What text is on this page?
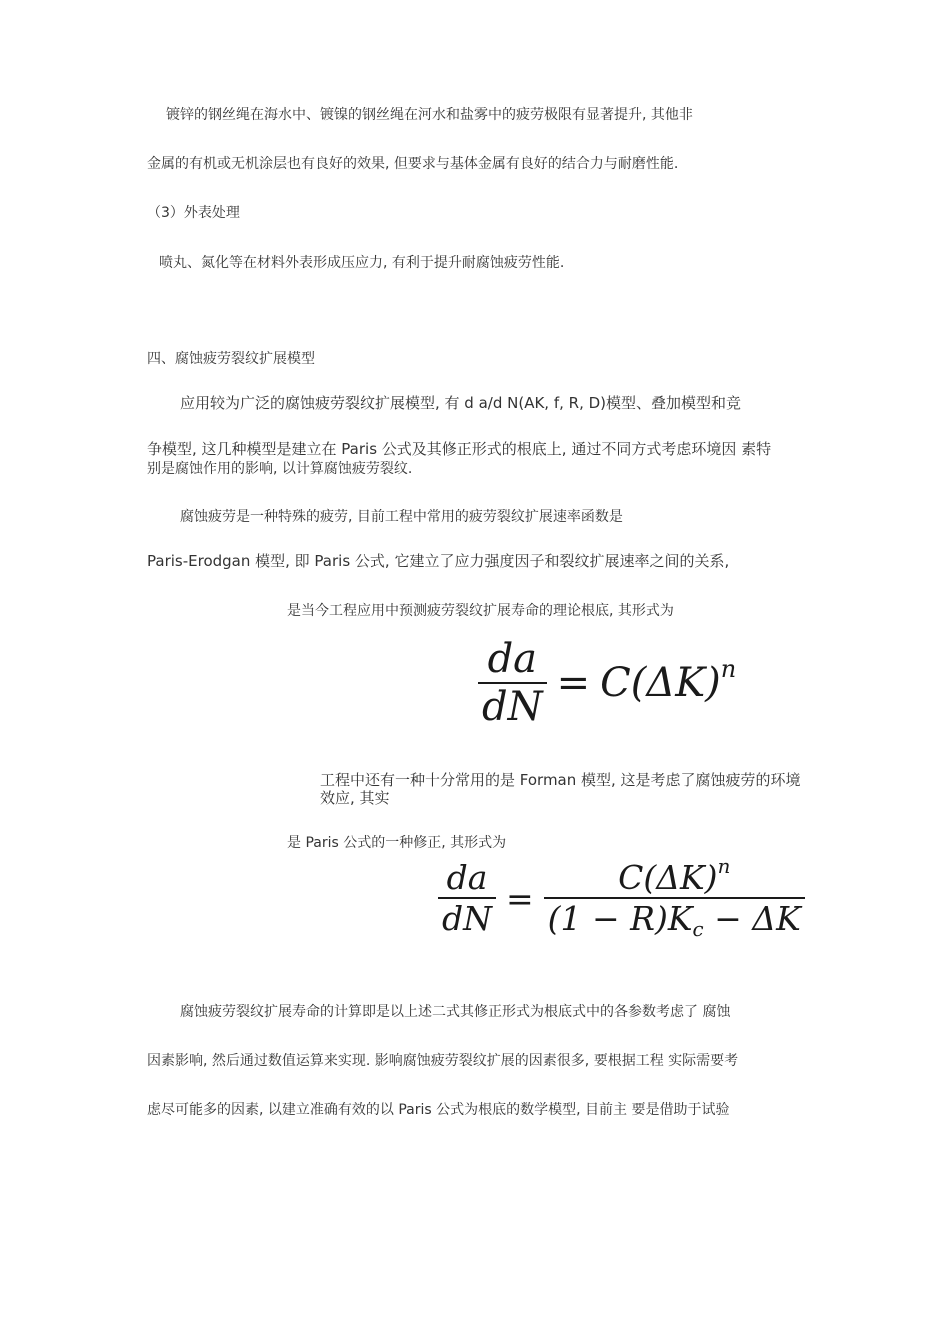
镀锌的钢丝绳在海水中、镀镍的钢丝绳在河水和盐雾中的疲劳极限有显著提升, 其他非
金属的有机或无机涂层也有良好的效果, 但要求与基体金属有良好的结合力与耐磨性能.
（3）外表处理
喷丸、氮化等在材料外表形成压应力, 有利于提升耐腐蚀疲劳性能.
四、腐蚀疲劳裂纹扩展模型
应用较为广泛的腐蚀疲劳裂纹扩展模型, 有 d a/d N(AK, f, R, D)模型、叠加模型和竞
争模型, 这几种模型是建立在 Paris 公式及其修正形式的根底上, 通过不同方式考虑环境因 素特
别是腐蚀作用的影响, 以计算腐蚀疲劳裂纹.
腐蚀疲劳是一种特殊的疲劳, 目前工程中常用的疲劳裂纹扩展速率函数是
Paris-Erodgan 模型, 即 Paris 公式, 它建立了应力强度因子和裂纹扩展速率之间的关系,
是当今工程应用中预测疲劳裂纹扩展寿命的理论根底, 其形式为
$\frac{da}{dN} = C(\Delta K)^n$
工程中还有一种十分常用的是 Forman 模型, 这是考虑了腐蚀疲劳的环境效应, 其实
是 Paris 公式的一种修正, 其形式为
$\frac{da}{dN} = \frac{C(\Delta K)^n}{(1 - R)K_c - \Delta K}$
腐蚀疲劳裂纹扩展寿命的计算即是以上述二式其修正形式为根底式中的各参数考虑了 腐蚀
因素影响, 然后通过数值运算来实现. 影响腐蚀疲劳裂纹扩展的因素很多, 要根据工程 实际需要考
虑尽可能多的因素, 以建立准确有效的以 Paris 公式为根底的数学模型, 目前主 要是借助于试验
